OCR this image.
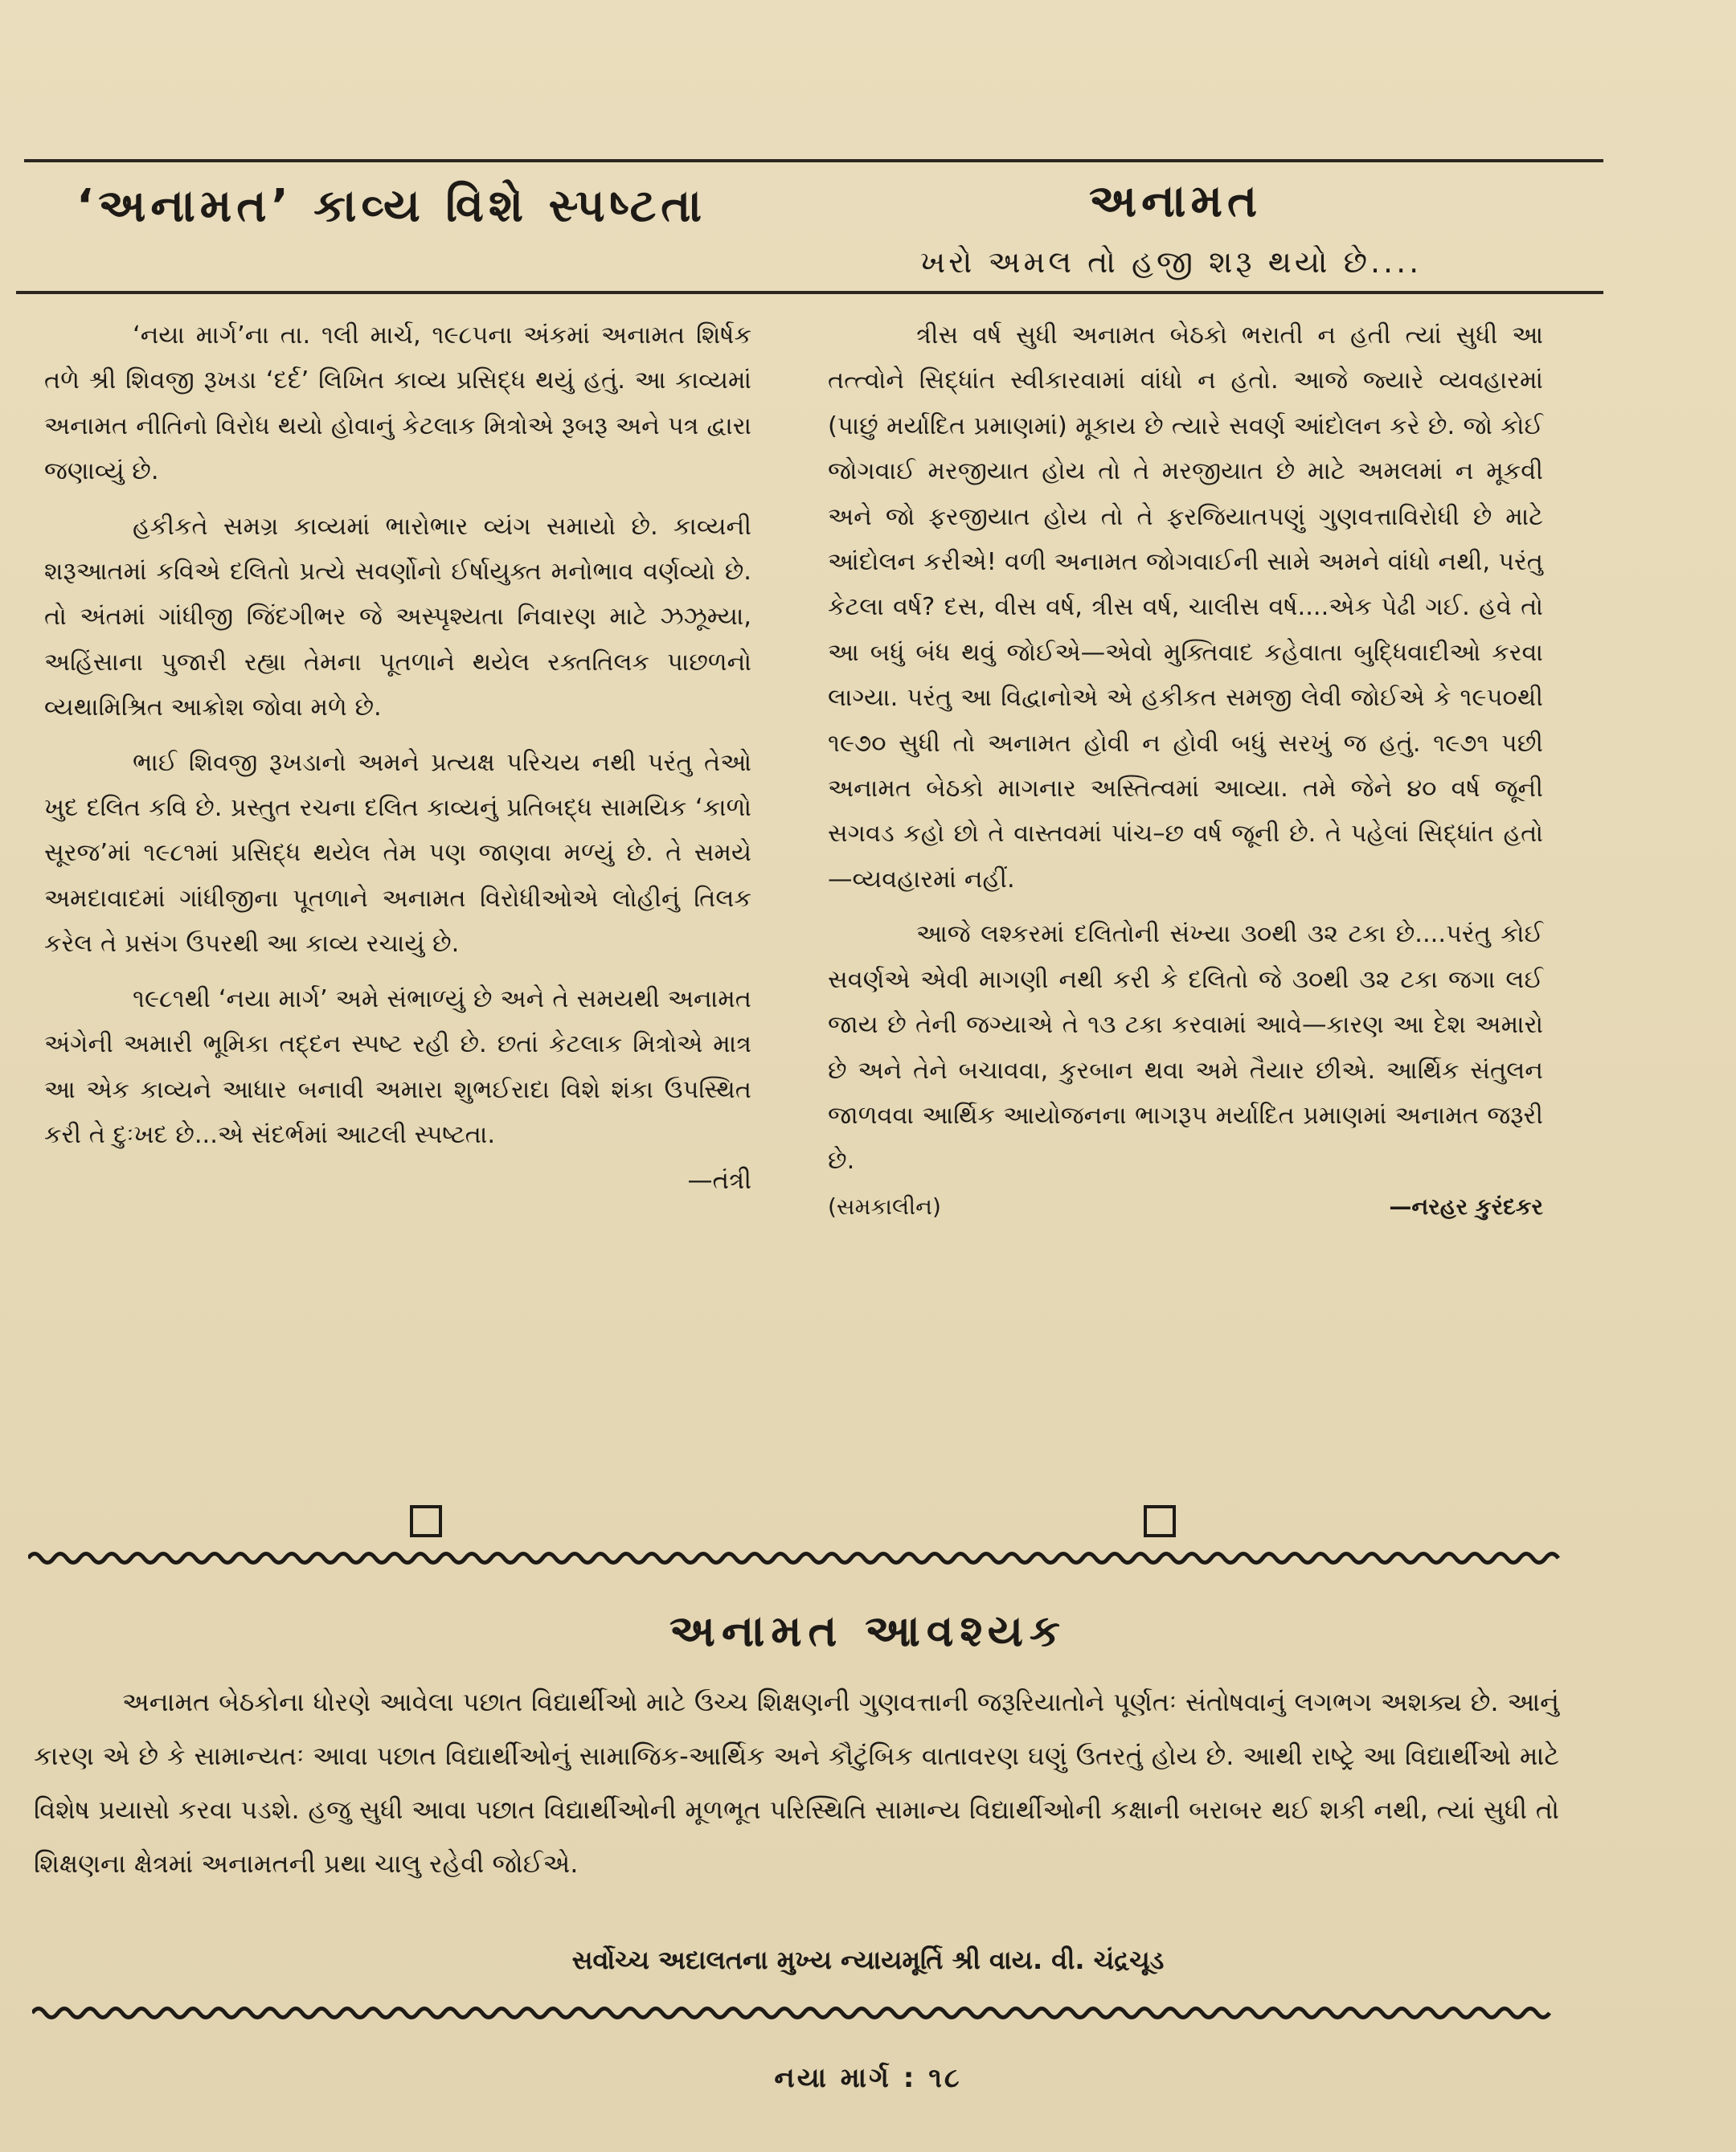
‘અનામત’ કાવ્ય વિશે સ્પષ્ટતા	અનામત
ખરો અમલ તો હજી શરૂ થયો છે....

‘નયા માર્ગ’ના તા. ૧લી માર્ચ, ૧૯૮૫ના અંકમાં અનામત શિર્ષક તળે શ્રી શિવજી રૂખડા ‘દર્દ’ લિખિત કાવ્ય પ્રસિદ્ધ થયું હતું. આ કાવ્યમાં અનામત નીતિનો વિરોધ થયો હોવાનું કેટલાક મિત્રોએ રૂબરૂ અને પત્ર દ્વારા જણાવ્યું છે.

હકીકતે સમગ્ર કાવ્યમાં ભારોભાર વ્યંગ સમાયો છે. કાવ્યની શરૂઆતમાં કવિએ દલિતો પ્રત્યે સવર્ણોનો ઈર્ષાયુક્ત મનોભાવ વર્ણવ્યો છે. તો અંતમાં ગાંધીજી જિંદગીભર જે અસ્પૃશ્યતા નિવારણ માટે ઝઝૂમ્યા, અહિંસાના પુજારી રહ્યા તેમના પૂતળાને થયેલ રક્તતિલક પાછળનો વ્યથામિશ્રિત આક્રોશ જોવા મળે છે.

ભાઈ શિવજી રૂખડાનો અમને પ્રત્યક્ષ પરિચય નથી પરંતુ તેઓ ખુદ દલિત કવિ છે. પ્રસ્તુત રચના દલિત કાવ્યનું પ્રતિબદ્ધ સામયિક ‘કાળો સૂરજ’માં ૧૯૮૧માં પ્રસિદ્ધ થયેલ તેમ પણ જાણવા મળ્યું છે. તે સમયે અમદાવાદમાં ગાંધીજીના પૂતળાને અનામત વિરોધીઓએ લોહીનું તિલક કરેલ તે પ્રસંગ ઉપરથી આ કાવ્ય રચાયું છે.

૧૯૮૧થી ‘નયા માર્ગ’ અમે સંભાળ્યું છે અને તે સમયથી અનામત અંગેની અમારી ભૂમિકા તદ્દન સ્પષ્ટ રહી છે. છતાં કેટલાક મિત્રોએ માત્ર આ એક કાવ્યને આધાર બનાવી અમારા શુભઈરાદા વિશે શંકા ઉપસ્થિત કરી તે દુઃખદ છે...એ સંદર્ભમાં આટલી સ્પષ્ટતા.

—તંત્રી

ત્રીસ વર્ષ સુધી અનામત બેઠકો ભરાતી ન હતી ત્યાં સુધી આ તત્ત્વોને સિદ્ધાંત સ્વીકારવામાં વાંધો ન હતો. આજે જ્યારે વ્યવહારમાં (પાછું મર્યાદિત પ્રમાણમાં) મૂકાય છે ત્યારે સવર્ણ આંદોલન કરે છે. જો કોઈ જોગવાઈ મરજીયાત હોય તો તે મરજીયાત છે માટે અમલમાં ન મૂકવી અને જો ફરજીયાત હોય તો તે ફરજિયાતપણું ગુણવત્તાવિરોધી છે માટે આંદોલન કરીએ! વળી અનામત જોગવાઈની સામે અમને વાંધો નથી, પરંતુ કેટલા વર્ષ? દસ, વીસ વર્ષ, ત્રીસ વર્ષ, ચાલીસ વર્ષ....એક પેઢી ગઈ. હવે તો આ બધું બંધ થવું જોઈએ—એવો મુક્તિવાદ કહેવાતા બુદ્ધિવાદીઓ કરવા લાગ્યા. પરંતુ આ વિદ્વાનોએ એ હકીકત સમજી લેવી જોઈએ કે ૧૯૫૦થી ૧૯૭૦ સુધી તો અનામત હોવી ન હોવી બધું સરખું જ હતું. ૧૯૭૧ પછી અનામત બેઠકો માગનાર અસ્તિત્વમાં આવ્યા. તમે જેને ૪૦ વર્ષ જૂની સગવડ કહો છો તે વાસ્તવમાં પાંચ–છ વર્ષ જૂની છે. તે પહેલાં સિદ્ધાંત હતો—વ્યવહારમાં નહીં.

આજે લશ્કરમાં દલિતોની સંખ્યા ૩૦થી ૩૨ ટકા છે....પરંતુ કોઈ સવર્ણએ એવી માગણી નથી કરી કે દલિતો જે ૩૦થી ૩૨ ટકા જગા લઈ જાય છે તેની જગ્યાએ તે ૧૩ ટકા કરવામાં આવે—કારણ આ દેશ અમારો છે અને તેને બચાવવા, કુરબાન થવા અમે તૈયાર છીએ. આર્થિક સંતુલન જાળવવા આર્થિક આયોજનના ભાગરૂપ મર્યાદિત પ્રમાણમાં અનામત જરૂરી છે.

(સમકાલીન)	—નરહર કુરંદકર
અનામત આવશ્યક
અનામત બેઠકોના ધોરણે આવેલા પછાત વિદ્યાર્થીઓ માટે ઉચ્ચ શિક્ષણની ગુણવત્તાની જરૂરિયાતોને પૂર્ણતઃ સંતોષવાનું લગભગ અશક્ય છે. આનું કારણ એ છે કે સામાન્યતઃ આવા પછાત વિદ્યાર્થીઓનું સામાજિક-આર્થિક અને કૌટુંબિક વાતાવરણ ઘણું ઉતરતું હોય છે. આથી રાષ્ટ્રે આ વિદ્યાર્થીઓ માટે વિશેષ પ્રયાસો કરવા પડશે. હજુ સુધી આવા પછાત વિદ્યાર્થીઓની મૂળભૂત પરિસ્થિતિ સામાન્ય વિદ્યાર્થીઓની કક્ષાની બરાબર થઈ શકી નથી, ત્યાં સુધી તો શિક્ષણના ક્ષેત્રમાં અનામતની પ્રથા ચાલુ રહેવી જોઈએ.
સર્વોચ્ચ અદાલતના મુખ્ય ન્યાયમૂર્તિ શ્રી વાય. વી. ચંદ્રચૂડ
નયા માર્ગ : ૧૮
